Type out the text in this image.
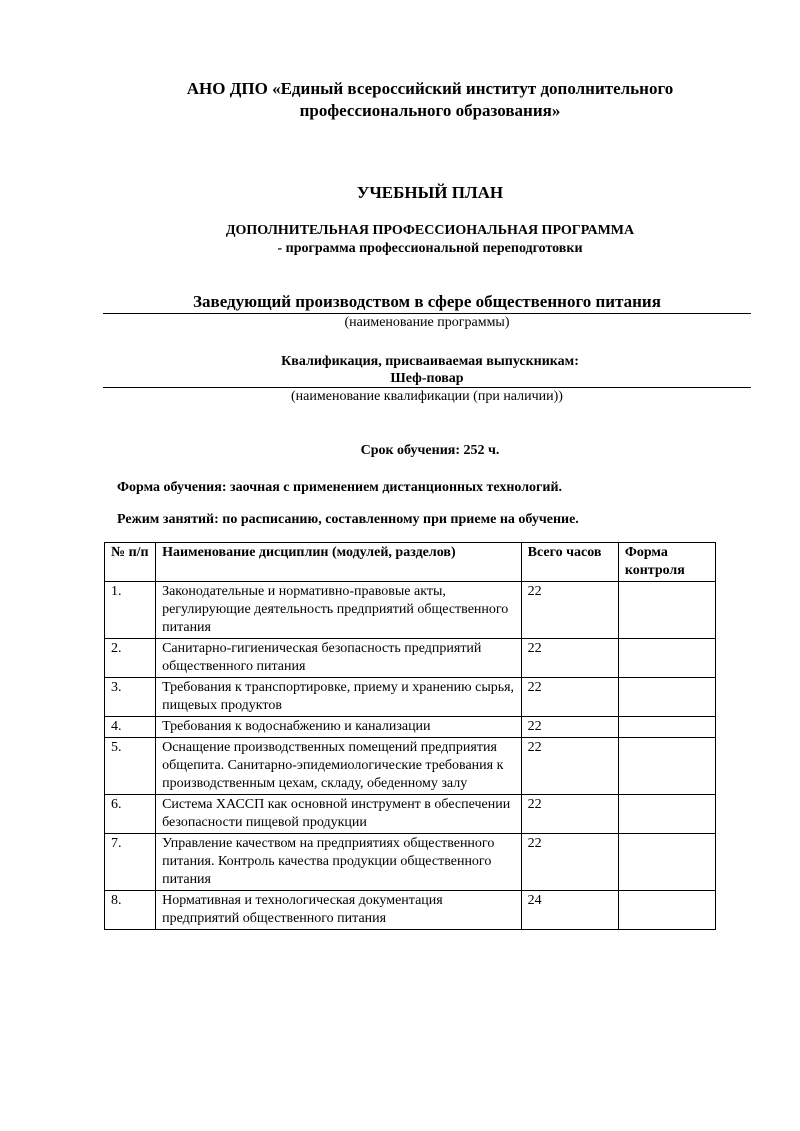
АНО ДПО «Единый всероссийский институт дополнительного
профессионального образования»
УЧЕБНЫЙ ПЛАН
ДОПОЛНИТЕЛЬНАЯ ПРОФЕССИОНАЛЬНАЯ ПРОГРАММА
- программа профессиональной переподготовки
Заведующий производством в сфере общественного питания
(наименование программы)
Квалификация, присваиваемая выпускникам:
Шеф-повар
(наименование квалификации (при наличии))
Срок обучения: 252 ч.
Форма обучения: заочная с применением дистанционных технологий.
Режим занятий: по расписанию, составленному при приеме на обучение.
№ п/п	Наименование дисциплин (модулей, разделов)	Всего часов	Форма контроля
1.	Законодательные и нормативно-правовые акты, регулирующие деятельность предприятий общественного питания	22	
2.	Санитарно-гигиеническая безопасность предприятий общественного питания	22	
3.	Требования к транспортировке, приему и хранению сырья, пищевых продуктов	22	
4.	Требования к водоснабжению и канализации	22	
5.	Оснащение производственных помещений предприятия общепита. Санитарно-эпидемиологические требования к производственным цехам, складу, обеденному залу	22	
6.	Система ХАССП как основной инструмент в обеспечении безопасности пищевой продукции	22	
7.	Управление качеством на предприятиях общественного питания. Контроль качества продукции общественного питания	22	
8.	Нормативная и технологическая документация предприятий общественного питания	24	
